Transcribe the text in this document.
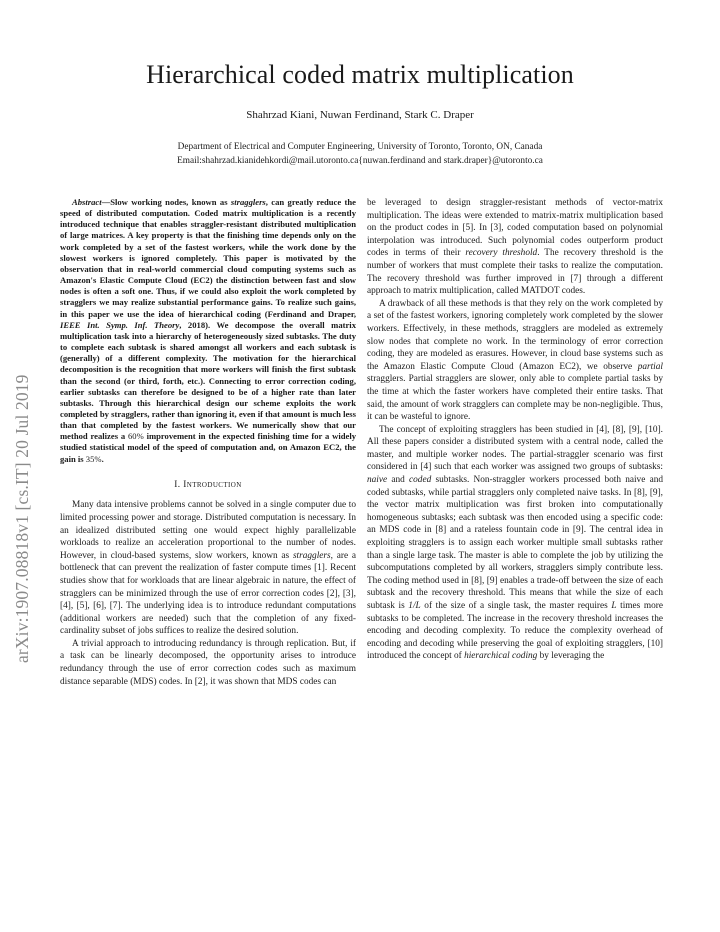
arXiv:1907.08818v1 [cs.IT] 20 Jul 2019
Hierarchical coded matrix multiplication

Shahrzad Kiani, Nuwan Ferdinand, Stark C. Draper

Department of Electrical and Computer Engineering, University of Toronto, Toronto, ON, Canada
Email:shahrzad.kianidehkordi@mail.utoronto.ca{nuwan.ferdinand and stark.draper}@utoronto.ca

Abstract—Slow working nodes, known as stragglers, can greatly reduce the speed of distributed computation. Coded matrix multiplication is a recently introduced technique that enables straggler-resistant distributed multiplication of large matrices. A key property is that the finishing time depends only on the work completed by a set of the fastest workers, while the work done by the slowest workers is ignored completely. This paper is motivated by the observation that in real-world commercial cloud computing systems such as Amazon's Elastic Compute Cloud (EC2) the distinction between fast and slow nodes is often a soft one. Thus, if we could also exploit the work completed by stragglers we may realize substantial performance gains. To realize such gains, in this paper we use the idea of hierarchical coding (Ferdinand and Draper, IEEE Int. Symp. Inf. Theory, 2018). We decompose the overall matrix multiplication task into a hierarchy of heterogeneously sized subtasks. The duty to complete each subtask is shared amongst all workers and each subtask is (generally) of a different complexity. The motivation for the hierarchical decomposition is the recognition that more workers will finish the first subtask than the second (or third, forth, etc.). Connecting to error correction coding, earlier subtasks can therefore be designed to be of a higher rate than later subtasks. Through this hierarchical design our scheme exploits the work completed by stragglers, rather than ignoring it, even if that amount is much less than that completed by the fastest workers. We numerically show that our method realizes a 60% improvement in the expected finishing time for a widely studied statistical model of the speed of computation and, on Amazon EC2, the gain is 35%.

I. Introduction

Many data intensive problems cannot be solved in a single computer due to limited processing power and storage. Distributed computation is necessary. In an idealized distributed setting one would expect highly parallelizable workloads to realize an acceleration proportional to the number of nodes. However, in cloud-based systems, slow workers, known as stragglers, are a bottleneck that can prevent the realization of faster compute times [1]. Recent studies show that for workloads that are linear algebraic in nature, the effect of stragglers can be minimized through the use of error correction codes [2], [3], [4], [5], [6], [7]. The underlying idea is to introduce redundant computations (additional workers are needed) such that the completion of any fixed-cardinality subset of jobs suffices to realize the desired solution.

A trivial approach to introducing redundancy is through replication. But, if a task can be linearly decomposed, the opportunity arises to introduce redundancy through the use of error correction codes such as maximum distance separable (MDS) codes. In [2], it was shown that MDS codes can

be leveraged to design straggler-resistant methods of vector-matrix multiplication. The ideas were extended to matrix-matrix multiplication based on the product codes in [5]. In [3], coded computation based on polynomial interpolation was introduced. Such polynomial codes outperform product codes in terms of their recovery threshold. The recovery threshold is the number of workers that must complete their tasks to realize the computation. The recovery threshold was further improved in [7] through a different approach to matrix multiplication, called MATDOT codes.

A drawback of all these methods is that they rely on the work completed by a set of the fastest workers, ignoring completely work completed by the slower workers. Effectively, in these methods, stragglers are modeled as extremely slow nodes that complete no work. In the terminology of error correction coding, they are modeled as erasures. However, in cloud base systems such as the Amazon Elastic Compute Cloud (Amazon EC2), we observe partial stragglers. Partial stragglers are slower, only able to complete partial tasks by the time at which the faster workers have completed their entire tasks. That said, the amount of work stragglers can complete may be non-negligible. Thus, it can be wasteful to ignore.

The concept of exploiting stragglers has been studied in [4], [8], [9], [10]. All these papers consider a distributed system with a central node, called the master, and multiple worker nodes. The partial-straggler scenario was first considered in [4] such that each worker was assigned two groups of subtasks: naive and coded subtasks. Non-straggler workers processed both naive and coded subtasks, while partial stragglers only completed naive tasks. In [8], [9], the vector matrix multiplication was first broken into computationally homogeneous subtasks; each subtask was then encoded using a specific code: an MDS code in [8] and a rateless fountain code in [9]. The central idea in exploiting stragglers is to assign each worker multiple small subtasks rather than a single large task. The master is able to complete the job by utilizing the subcomputations completed by all workers, stragglers simply contribute less. The coding method used in [8], [9] enables a trade-off between the size of each subtask and the recovery threshold. This means that while the size of each subtask is 1/L of the size of a single task, the master requires L times more subtasks to be completed. The increase in the recovery threshold increases the encoding and decoding complexity. To reduce the complexity overhead of encoding and decoding while preserving the goal of exploiting stragglers, [10] introduced the concept of hierarchical coding by leveraging the
